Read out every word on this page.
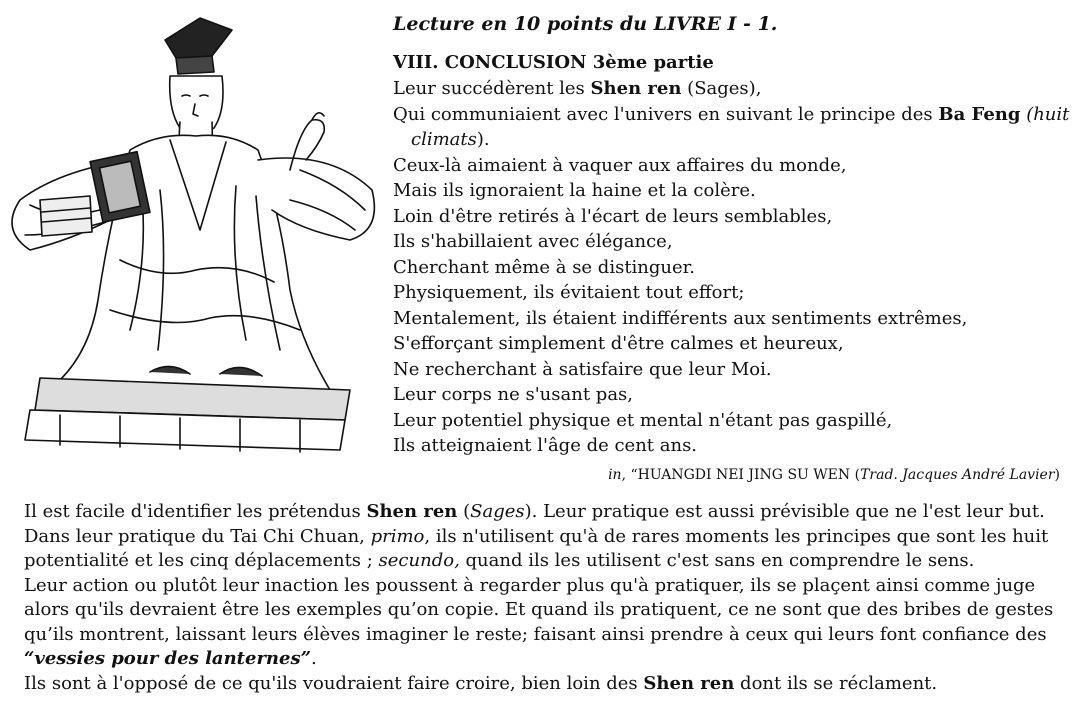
Lecture en 10 points du LIVRE I - 1.
VIII. CONCLUSION 3ème partie

Leur succédèrent les Shen ren (Sages),

Qui communiaient avec l'univers en suivant le principe des Ba Feng (huit

climats).

Ceux-là aimaient à vaquer aux affaires du monde,

Mais ils ignoraient la haine et la colère.

Loin d'être retirés à l'écart de leurs semblables,

Ils s'habillaient avec élégance,

Cherchant même à se distinguer.

Physiquement, ils évitaient tout effort;

Mentalement, ils étaient indifférents aux sentiments extrêmes,

S'efforçant simplement d'être calmes et heureux,

Ne recherchant à satisfaire que leur Moi.

Leur corps ne s'usant pas,

Leur potentiel physique et mental n'étant pas gaspillé,

Ils atteignaient l'âge de cent ans.

in, “HUANGDI NEI JING SU WEN (Trad. Jacques André Lavier)

Il est facile d'identifier les prétendus Shen ren (Sages). Leur pratique est aussi prévisible que ne l'est leur but.

Dans leur pratique du Tai Chi Chuan, primo, ils n'utilisent qu'à de rares moments les principes que sont les huit potentialité et les cinq déplacements ; secundo, quand ils les utilisent c'est sans en comprendre le sens.

Leur action ou plutôt leur inaction les poussent à regarder plus qu'à pratiquer, ils se plaçent ainsi comme juge alors qu'ils devraient être les exemples qu’on copie. Et quand ils pratiquent, ce ne sont que des bribes de gestes qu’ils montrent, laissant leurs élèves imaginer le reste; faisant ainsi prendre à ceux qui leurs font confiance des “vessies pour des lanternes”.

Ils sont à l'opposé de ce qu'ils voudraient faire croire, bien loin des Shen ren dont ils se réclament.
